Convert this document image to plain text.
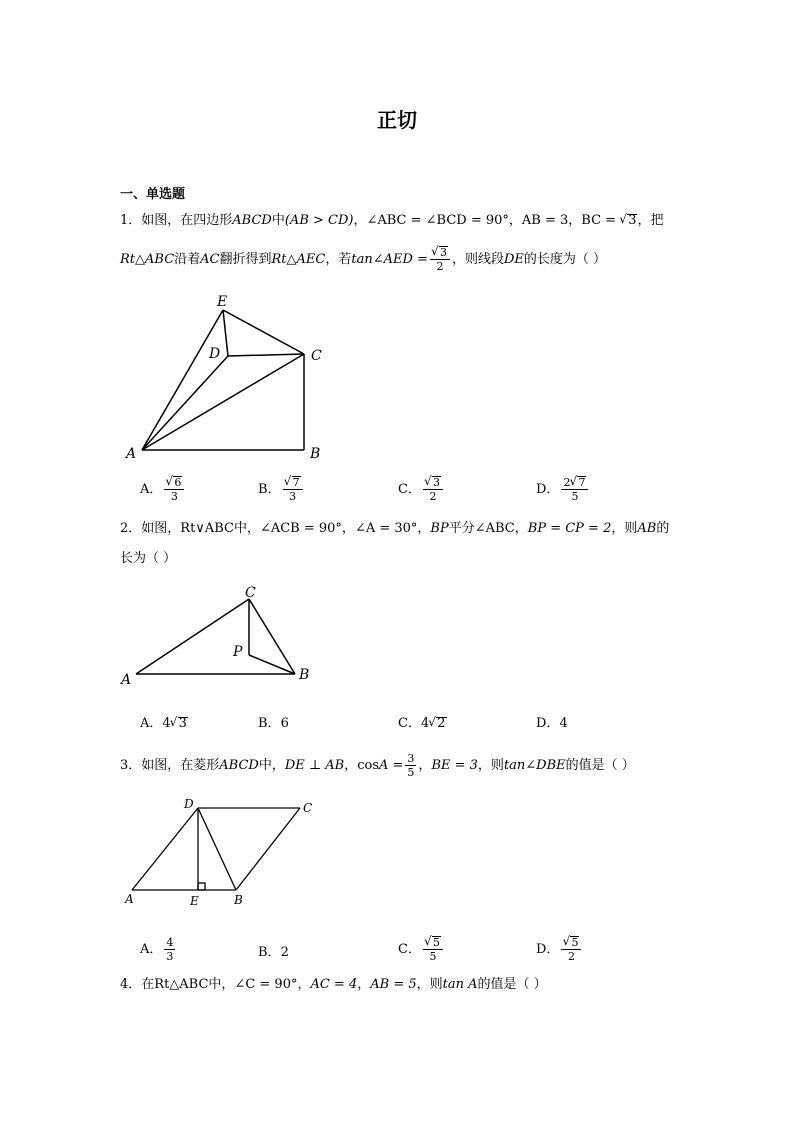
正切
一、单选题
1．如图，在四边形ABCD中(AB > CD)，∠ABC = ∠BCD = 90°，AB = 3，BC = √ 3，把
Rt△ABC沿着AC翻折得到Rt△AEC，若tan∠AED = √ $\frac{3}{2}$ ，则线段DE的长度为（ ）
E
D	C
A	B
A． √ $\frac{6}{3}$	B． √ $\frac{7}{3}$	C． √ $\frac{3}{2}$	D． $\frac{2 √ 7}{5}$
2．如图，Rt∨ABC中，∠ACB = 90°，∠A = 30°，BP平分∠ABC，BP = CP = 2，则AB的
长为（ ）
C
P
A	B
A．4 √ 3	B．6	C．4 √ 2	D．4
3．如图，在菱形ABCD中，DE ⊥ AB，$\cos A = \frac{3}{5}$ ，BE = 3，则tan∠DBE的值是（ ）
D	C
A	E	B
A． $\frac{4}{3}$	B．2	C． √ $\frac{5}{5}$	D． √ $\frac{5}{2}$
4．在Rt△ABC中，∠C = 90°，AC = 4，AB = 5，则tan A的值是（ ）
